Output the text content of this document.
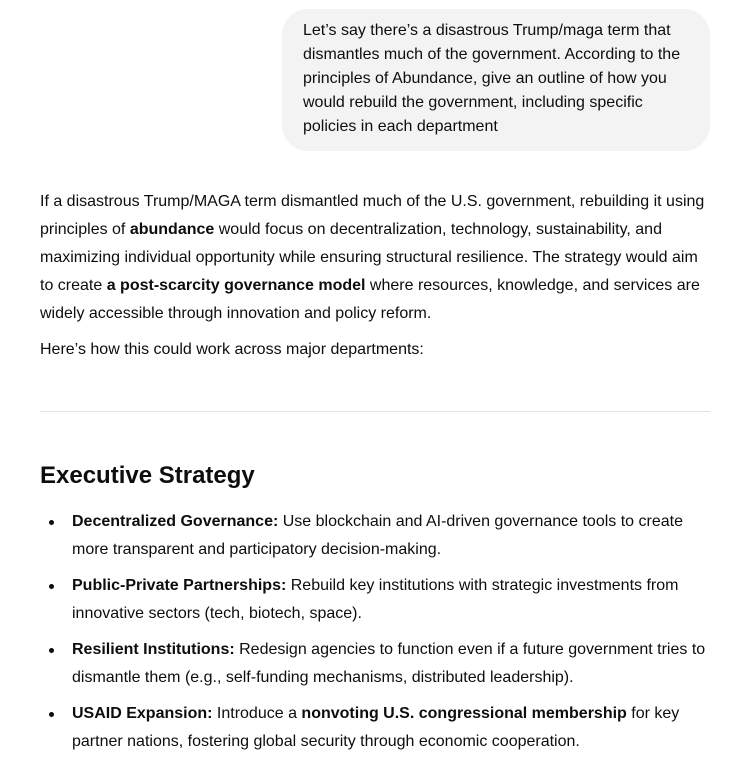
Let’s say there’s a disastrous Trump/maga term that dismantles much of the government. According to the principles of Abundance, give an outline of how you would rebuild the government, including specific policies in each department

If a disastrous Trump/MAGA term dismantled much of the U.S. government, rebuilding it using principles of abundance would focus on decentralization, technology, sustainability, and maximizing individual opportunity while ensuring structural resilience. The strategy would aim to create a post-scarcity governance model where resources, knowledge, and services are widely accessible through innovation and policy reform.

Here’s how this could work across major departments:

Executive Strategy
Decentralized Governance: Use blockchain and AI-driven governance tools to create more transparent and participatory decision-making.
Public-Private Partnerships: Rebuild key institutions with strategic investments from innovative sectors (tech, biotech, space).
Resilient Institutions: Redesign agencies to function even if a future government tries to dismantle them (e.g., self-funding mechanisms, distributed leadership).
USAID Expansion: Introduce a nonvoting U.S. congressional membership for key partner nations, fostering global security through economic cooperation.
